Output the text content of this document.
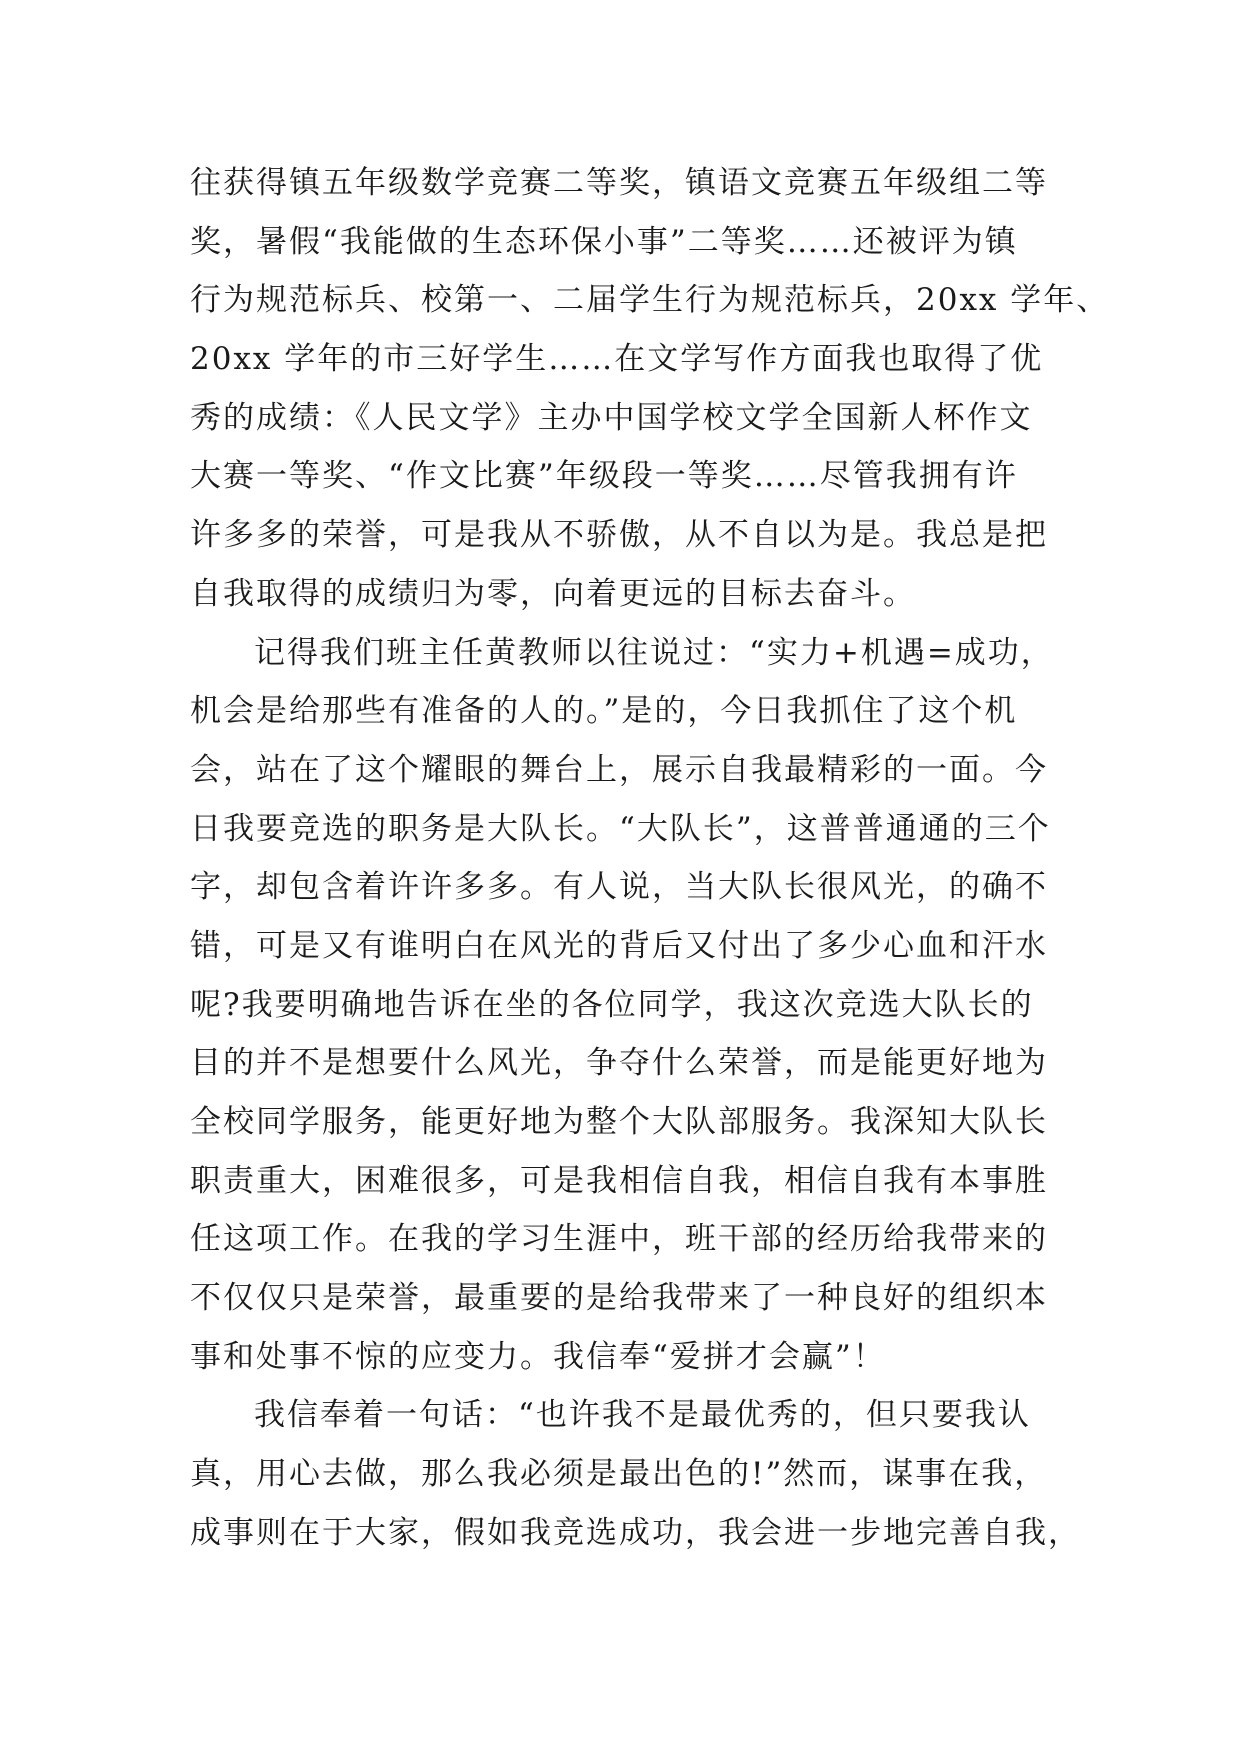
往获得镇五年级数学竞赛二等奖，镇语文竞赛五年级组二等
奖，暑假“我能做的生态环保小事”二等奖……还被评为镇
行为规范标兵、校第一、二届学生行为规范标兵，20xx 学年、
20xx 学年的市三好学生……在文学写作方面我也取得了优
秀的成绩：《人民文学》主办中国学校文学全国新人杯作文
大赛一等奖、“作文比赛”年级段一等奖……尽管我拥有许
许多多的荣誉，可是我从不骄傲，从不自以为是。我总是把
自我取得的成绩归为零，向着更远的目标去奋斗。
记得我们班主任黄教师以往说过：“实力+机遇=成功，
机会是给那些有准备的人的。”是的，今日我抓住了这个机
会，站在了这个耀眼的舞台上，展示自我最精彩的一面。今
日我要竞选的职务是大队长。“大队长”，这普普通通的三个
字，却包含着许许多多。有人说，当大队长很风光，的确不
错，可是又有谁明白在风光的背后又付出了多少心血和汗水
呢?我要明确地告诉在坐的各位同学，我这次竞选大队长的
目的并不是想要什么风光，争夺什么荣誉，而是能更好地为
全校同学服务，能更好地为整个大队部服务。我深知大队长
职责重大，困难很多，可是我相信自我，相信自我有本事胜
任这项工作。在我的学习生涯中，班干部的经历给我带来的
不仅仅只是荣誉，最重要的是给我带来了一种良好的组织本
事和处事不惊的应变力。我信奉“爱拼才会赢”！
我信奉着一句话：“也许我不是最优秀的，但只要我认
真，用心去做，那么我必须是最出色的!”然而，谋事在我，
成事则在于大家，假如我竞选成功，我会进一步地完善自我，
